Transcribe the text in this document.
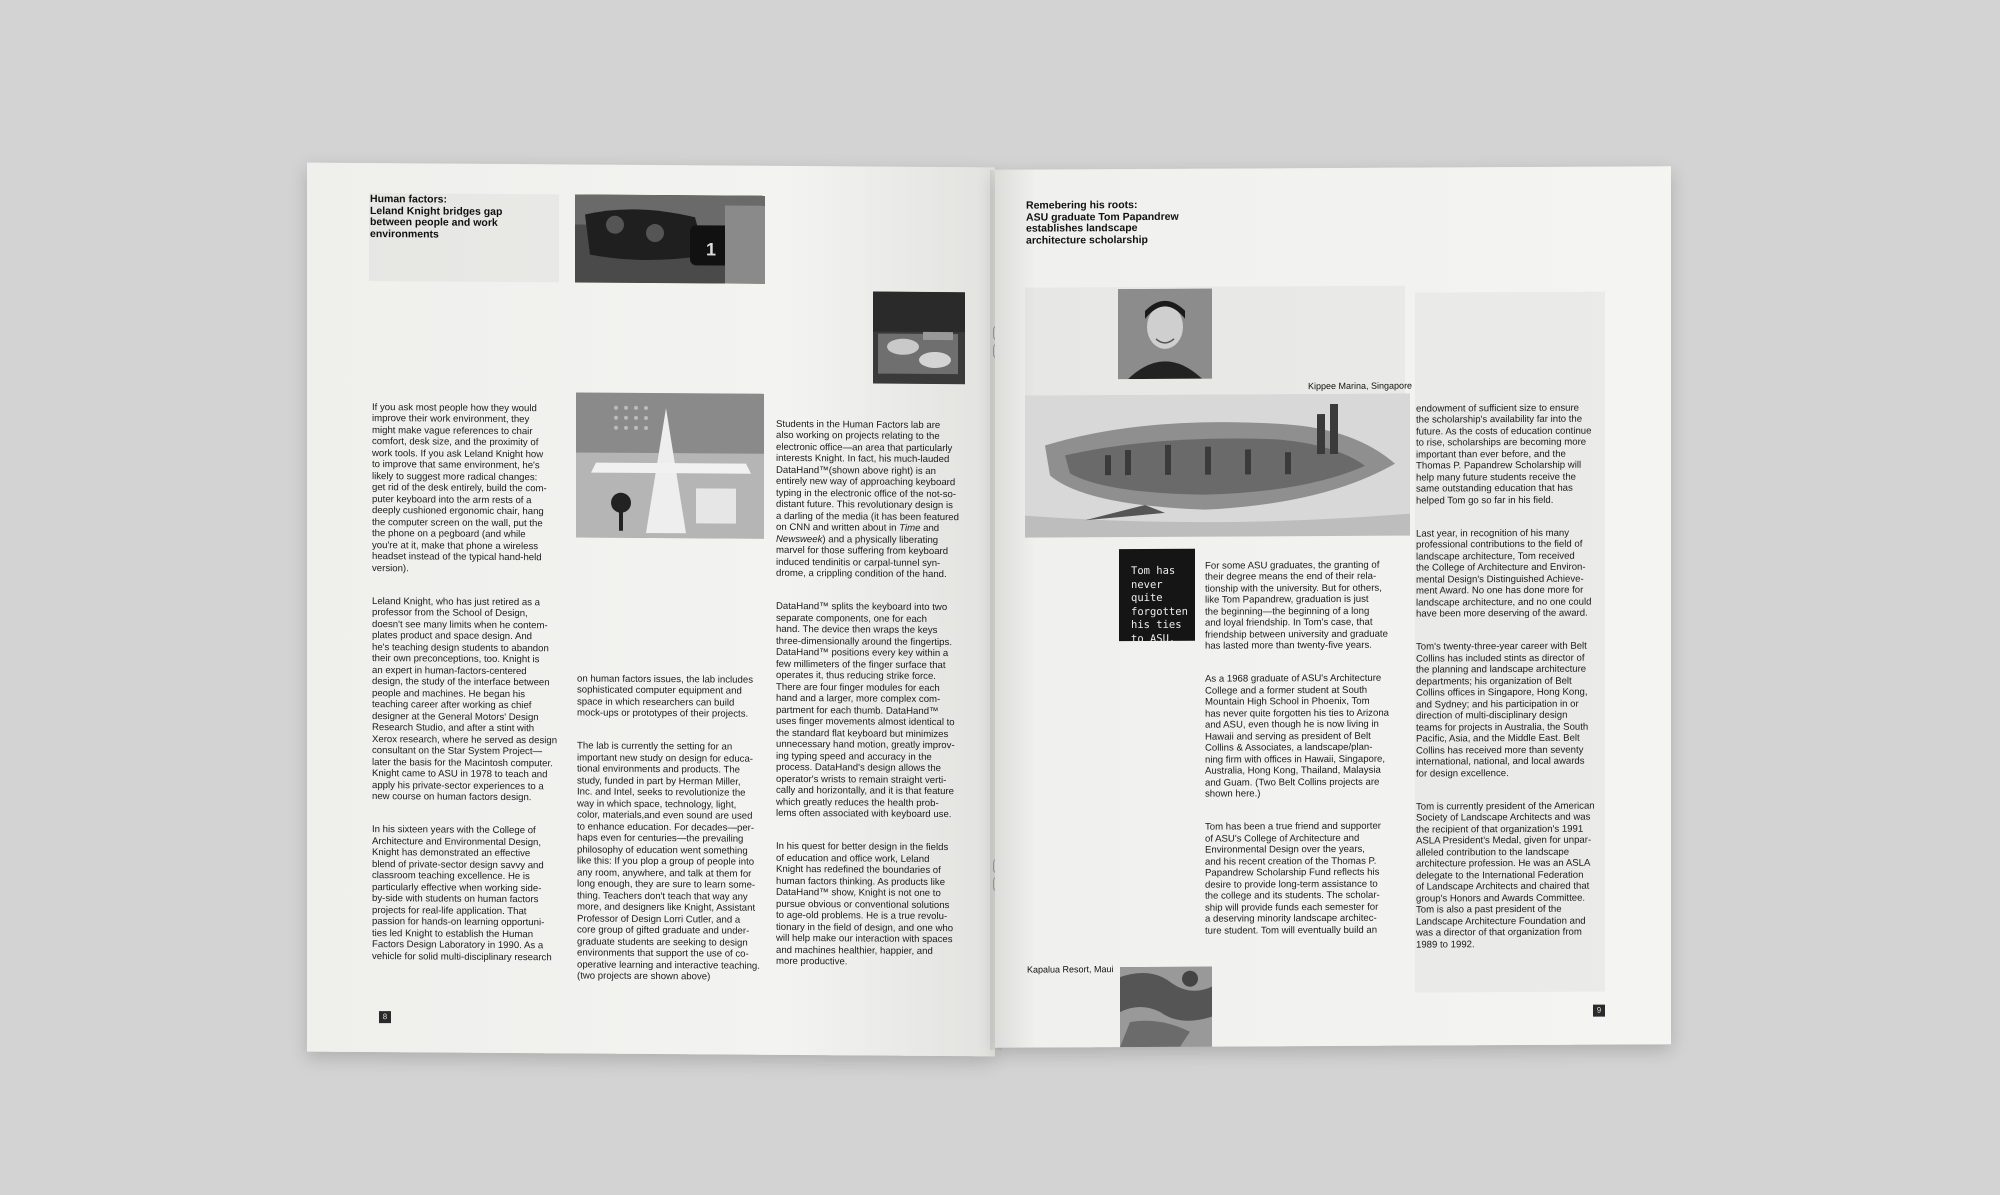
Human factors:
Leland Knight bridges gap
between people and work
environments
1

If you ask most people how they would
improve their work environment, they
might make vague references to chair
comfort, desk size, and the proximity of
work tools. If you ask Leland Knight how
to improve that same environment, he's
likely to suggest more radical changes:
get rid of the desk entirely, build the com-
puter keyboard into the arm rests of a
deeply cushioned ergonomic chair, hang
the computer screen on the wall, put the
the phone on a pegboard (and while
you're at it, make that phone a wireless
headset instead of the typical hand-held
version).

Leland Knight, who has just retired as a
professor from the School of Design,
doesn't see many limits when he contem-
plates product and space design. And
he's teaching design students to abandon
their own preconceptions, too. Knight is
an expert in human-factors-centered
design, the study of the interface between
people and machines. He began his
teaching career after working as chief
designer at the General Motors' Design
Research Studio, and after a stint with
Xerox research, where he served as design
consultant on the Star System Project—
later the basis for the Macintosh computer.
Knight came to ASU in 1978 to teach and
apply his private-sector experiences to a
new course on human factors design.

In his sixteen years with the College of
Architecture and Environmental Design,
Knight has demonstrated an effective
blend of private-sector design savvy and
classroom teaching excellence. He is
particularly effective when working side-
by-side with students on human factors
projects for real-life application. That
passion for hands-on learning opportuni-
ties led Knight to establish the Human
Factors Design Laboratory in 1990. As a
vehicle for solid multi-disciplinary research

on human factors issues, the lab includes
sophisticated computer equipment and
space in which researchers can build
mock-ups or prototypes of their projects.

The lab is currently the setting for an
important new study on design for educa-
tional environments and products. The
study, funded in part by Herman Miller,
Inc. and Intel, seeks to revolutionize the
way in which space, technology, light,
color, materials,and even sound are used
to enhance education. For decades—per-
haps even for centuries—the prevailing
philosophy of education went something
like this: If you plop a group of people into
any room, anywhere, and talk at them for
long enough, they are sure to learn some-
thing. Teachers don't teach that way any
more, and designers like Knight, Assistant
Professor of Design Lorri Cutler, and a
core group of gifted graduate and under-
graduate students are seeking to design
environments that support the use of co-
operative learning and interactive teaching.
(two projects are shown above)

Students in the Human Factors lab are
also working on projects relating to the
electronic office—an area that particularly
interests Knight. In fact, his much-lauded
DataHand™(shown above right) is an
entirely new way of approaching keyboard
typing in the electronic office of the not-so-
distant future. This revolutionary design is
a darling of the media (it has been featured
on CNN and written about in Time and
Newsweek) and a physically liberating
marvel for those suffering from keyboard
induced tendinitis or carpal-tunnel syn-
drome, a crippling condition of the hand.

DataHand™ splits the keyboard into two
separate components, one for each
hand. The device then wraps the keys
three-dimensionally around the fingertips.
DataHand™ positions every key within a
few millimeters of the finger surface that
operates it, thus reducing strike force.
There are four finger modules for each
hand and a larger, more complex com-
partment for each thumb. DataHand™
uses finger movements almost identical to
the standard flat keyboard but minimizes
unnecessary hand motion, greatly improv-
ing typing speed and accuracy in the
process. DataHand's design allows the
operator's wrists to remain straight verti-
cally and horizontally, and it is that feature
which greatly reduces the health prob-
lems often associated with keyboard use.

In his quest for better design in the fields
of education and office work, Leland
Knight has redefined the boundaries of
human factors thinking. As products like
DataHand™ show, Knight is not one to
pursue obvious or conventional solutions
to age-old problems. He is a true revolu-
tionary in the field of design, and one who
will help make our interaction with spaces
and machines healthier, happier, and
more productive.

8
Remebering his roots:
ASU graduate Tom Papandrew
establishes landscape
architecture scholarship
Kippee Marina, Singapore
Tom has
never quite
forgotten
his ties
to ASU.

For some ASU graduates, the granting of
their degree means the end of their rela-
tionship with the university. But for others,
like Tom Papandrew, graduation is just
the beginning—the beginning of a long
and loyal friendship. In Tom's case, that
friendship between university and graduate
has lasted more than twenty-five years.

As a 1968 graduate of ASU's Architecture
College and a former student at South
Mountain High School in Phoenix, Tom
has never quite forgotten his ties to Arizona
and ASU, even though he is now living in
Hawaii and serving as president of Belt
Collins & Associates, a landscape/plan-
ning firm with offices in Hawaii, Singapore,
Australia, Hong Kong, Thailand, Malaysia
and Guam. (Two Belt Collins projects are
shown here.)

Tom has been a true friend and supporter
of ASU's College of Architecture and
Environmental Design over the years,
and his recent creation of the Thomas P.
Papandrew Scholarship Fund reflects his
desire to provide long-term assistance to
the college and its students. The scholar-
ship will provide funds each semester for
a deserving minority landscape architec-
ture student. Tom will eventually build an

Kapalua Resort, Maui

endowment of sufficient size to ensure
the scholarship's availability far into the
future. As the costs of education continue
to rise, scholarships are becoming more
important than ever before, and the
Thomas P. Papandrew Scholarship will
help many future students receive the
same outstanding education that has
helped Tom go so far in his field.

Last year, in recognition of his many
professional contributions to the field of
landscape architecture, Tom received
the College of Architecture and Environ-
mental Design's Distinguished Achieve-
ment Award. No one has done more for
landscape architecture, and no one could
have been more deserving of the award.

Tom's twenty-three-year career with Belt
Collins has included stints as director of
the planning and landscape architecture
departments; his organization of Belt
Collins offices in Singapore, Hong Kong,
and Sydney; and his participation in or
direction of multi-disciplinary design
teams for projects in Australia, the South
Pacific, Asia, and the Middle East. Belt
Collins has received more than seventy
international, national, and local awards
for design excellence.

Tom is currently president of the American
Society of Landscape Architects and was
the recipient of that organization's 1991
ASLA President's Medal, given for unpar-
alleled contribution to the landscape
architecture profession. He was an ASLA
delegate to the International Federation
of Landscape Architects and chaired that
group's Honors and Awards Committee.
Tom is also a past president of the
Landscape Architecture Foundation and
was a director of that organization from
1989 to 1992.

9
